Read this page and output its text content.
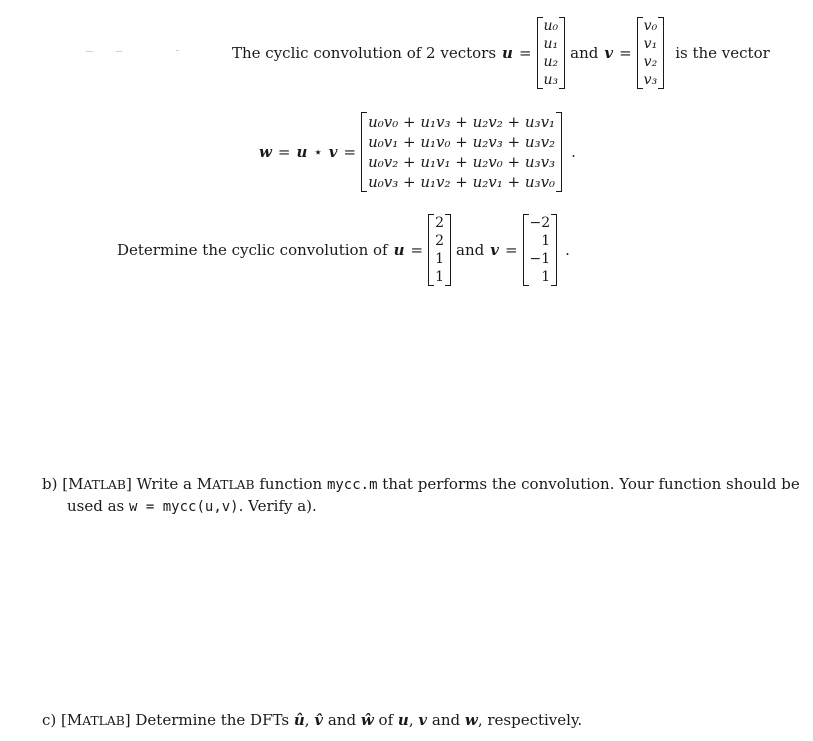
The cyclic convolution of 2 vectors u =
u₀
u₁
u₂
u₃
and v =
v₀
v₁
v₂
v₃
is the vector
w = u ⋆ v =
u₀v₀ + u₁v₃ + u₂v₂ + u₃v₁
u₀v₁ + u₁v₀ + u₂v₃ + u₃v₂
u₀v₂ + u₁v₁ + u₂v₀ + u₃v₃
u₀v₃ + u₁v₂ + u₂v₁ + u₃v₀
.
Determine the cyclic convolution of u =
2
2
1
1
and v =
−2
1
−1
1
.
b) [MATLAB] Write a MATLAB function mycc.m that performs the convolution. Your function should be
used as w = mycc(u,v). Verify a).
c) [MATLAB] Determine the DFTs û, v̂ and ŵ of u, v and w, respectively.
